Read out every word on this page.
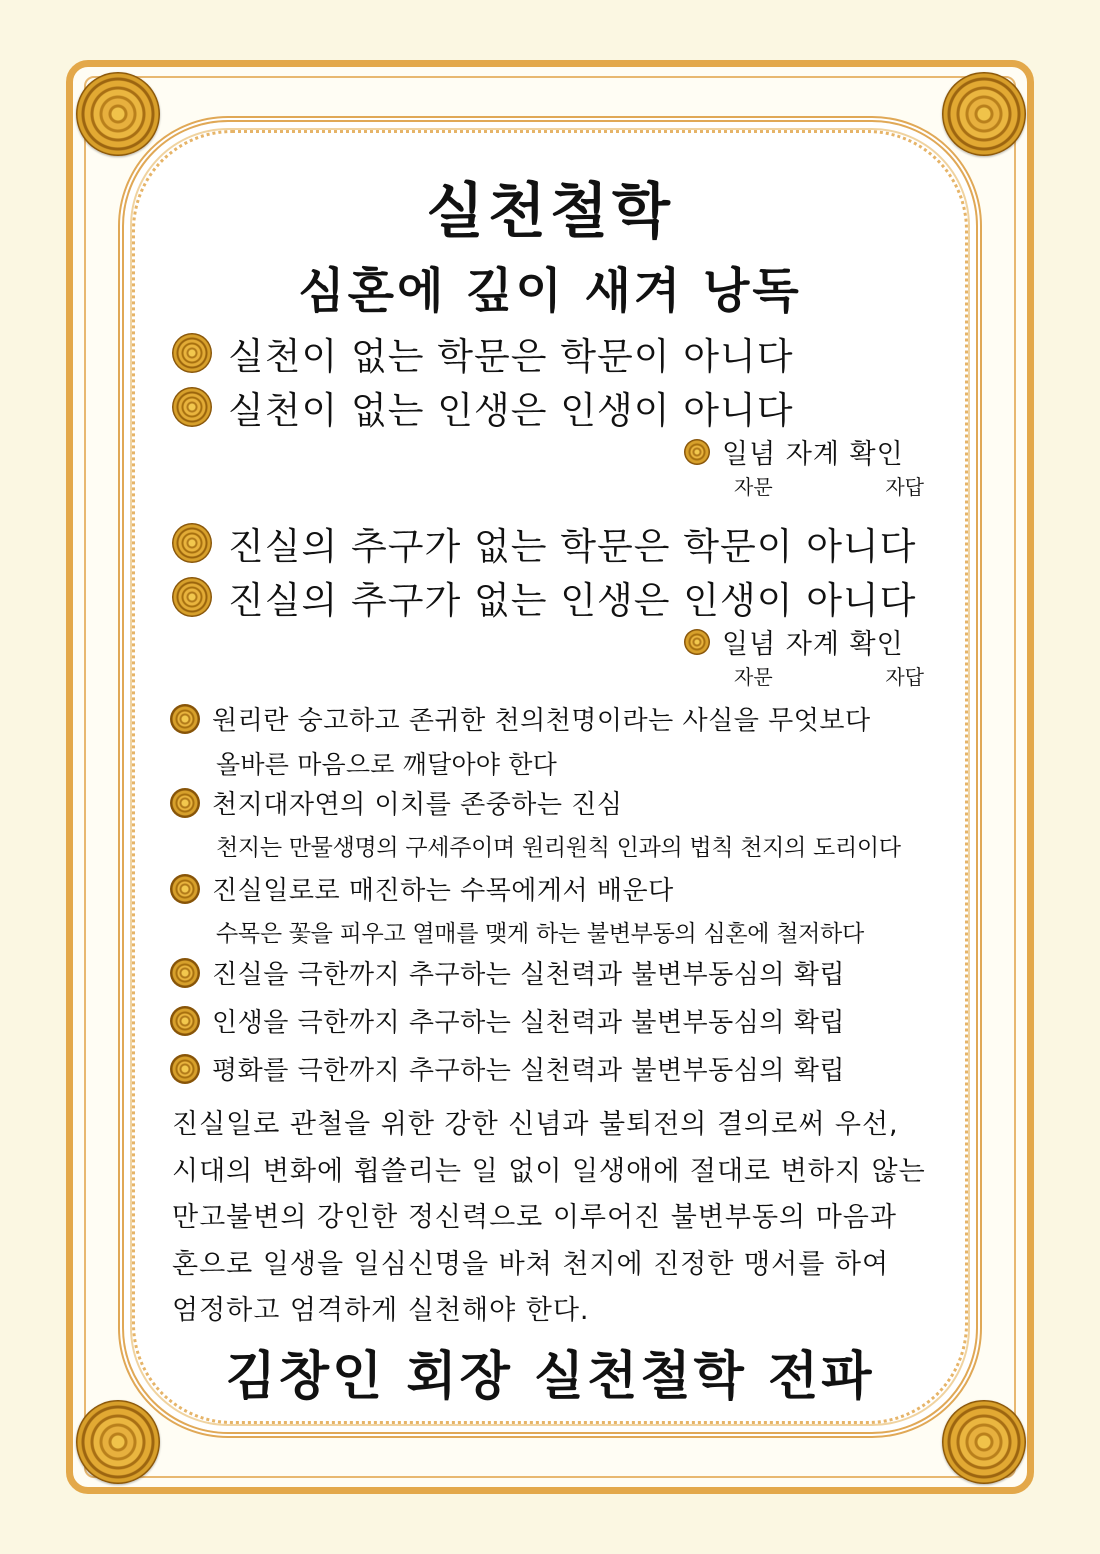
실천철학
심혼에 깊이 새겨 낭독
실천이 없는 학문은 학문이 아니다
실천이 없는 인생은 인생이 아니다
일념 자계 확인
자문	자답
진실의 추구가 없는 학문은 학문이 아니다
진실의 추구가 없는 인생은 인생이 아니다
일념 자계 확인
자문	자답
원리란 숭고하고 존귀한 천의천명이라는 사실을 무엇보다
올바른 마음으로 깨달아야 한다
천지대자연의 이치를 존중하는 진심
천지는 만물생명의 구세주이며 원리원칙 인과의 법칙 천지의 도리이다
진실일로로 매진하는 수목에게서 배운다
수목은 꽃을 피우고 열매를 맺게 하는 불변부동의 심혼에 철저하다
진실을 극한까지 추구하는 실천력과 불변부동심의 확립
인생을 극한까지 추구하는 실천력과 불변부동심의 확립
평화를 극한까지 추구하는 실천력과 불변부동심의 확립
진실일로 관철을 위한 강한 신념과 불퇴전의 결의로써 우선,
시대의 변화에 휩쓸리는 일 없이 일생애에 절대로 변하지 않는
만고불변의 강인한 정신력으로 이루어진 불변부동의 마음과
혼으로 일생을 일심신명을 바쳐 천지에 진정한 맹서를 하여
엄정하고 엄격하게 실천해야 한다.
김창인 회장 실천철학 전파
